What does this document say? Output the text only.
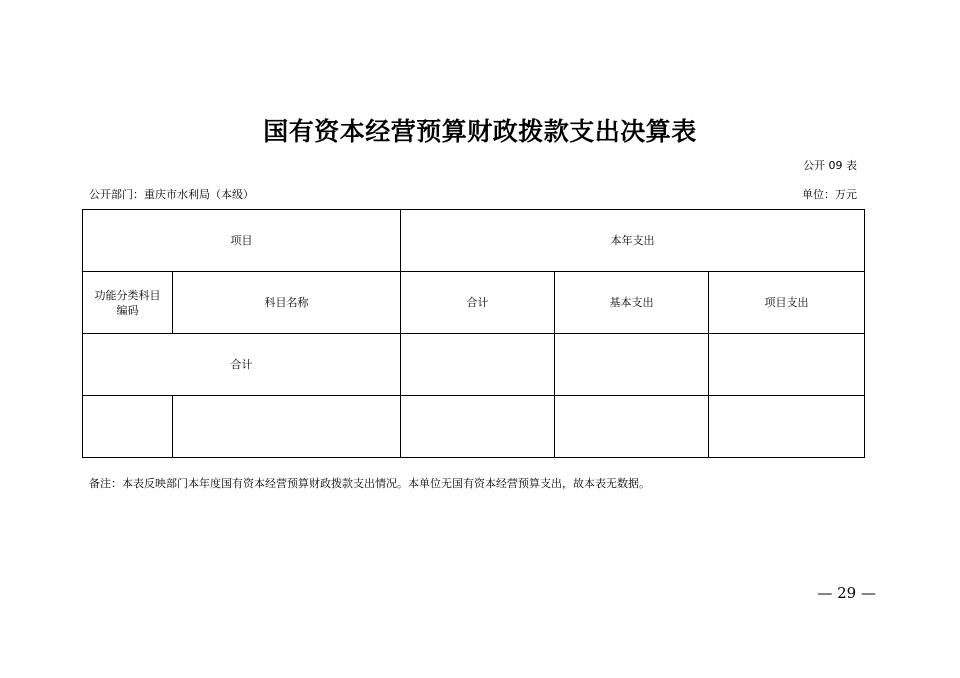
国有资本经营预算财政拨款支出决算表
公开 09 表
公开部门：重庆市水利局（本级）	单位：万元
项目		本年支出		
功能分类科目
编码	科目名称	合计	基本支出	项目支出
合计				

备注：本表反映部门本年度国有资本经营预算财政拨款支出情况。本单位无国有资本经营预算支出，故本表无数据。
— 29 —
